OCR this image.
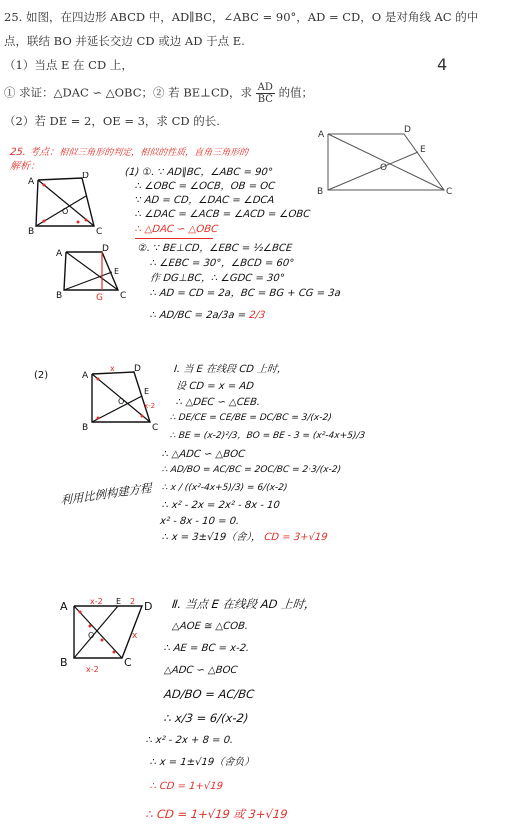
25. 如图，在四边形 ABCD 中，AD∥BC，∠ABC = 90°，AD = CD，O 是对角线 AC 的中
点，联结 BO 并延长交边 CD 或边 AD 于点 E.
（1）当点 E 在 CD 上，
① 求证：△DAC ∽ △OBC；② 若 BE⊥CD，求 $\frac{AD}{BC}$ 的值；
（2）若 DE = 2，OE = 3，求 CD 的长.
4
A	D
E
O
B	C
25. 考点：相似三角形的判定，相似的性质，直角三角形的
解析：
A
D
B	C
O
(1) ①. ∵ AD∥BC，∠ABC = 90°
∴ ∠OBC = ∠OCB，OB = OC
∵ AD = CD，∠DAC = ∠DCA
∴ ∠DAC = ∠ACB = ∠ACD = ∠OBC
∴ △DAC ∽ △OBC
A	D
B	C
G
E
②. ∵ BE⊥CD，∠EBC = ½∠BCE
∴ ∠EBC = 30°，∠BCD = 60°
作 DG⊥BC，∴ ∠GDC = 30°
∴ AD = CD = 2a，BC = BG + CG = 3a
∴ AD/BC = 2a/3a = 2/3
(2)	A
D
B	C
x
E
x-2
O
Ⅰ. 当 E 在线段 CD 上时，
设 CD = x = AD
∴ △DEC ∽ △CEB.
∴ DE/CE = CE/BE = DC/BC = 3/(x-2)
∴ BE = (x-2)²/3，BO = BE - 3 = (x²-4x+5)/3
∴ △ADC ∽ △BOC
∴ AD/BO = AC/BC = 2OC/BC = 2·3/(x-2)
∴ x / ((x²-4x+5)/3) = 6/(x-2)
∴ x² - 2x = 2x² - 8x - 10
x² - 8x - 10 = 0.
∴ x = 3±√19（舍）， CD = 3+√19
利用比例构建方程
A	D
B	C
x-2 E 2
O	x
x-2
Ⅱ. 当点 E 在线段 AD 上时，
△AOE ≅ △COB.
∴ AE = BC = x-2.
△ADC ∽ △BOC
AD/BO = AC/BC
∴ x/3 = 6/(x-2)
∴ x² - 2x + 8 = 0.
∴ x = 1±√19（舍负）
∴ CD = 1+√19
∴ CD = 1+√19 或 3+√19
